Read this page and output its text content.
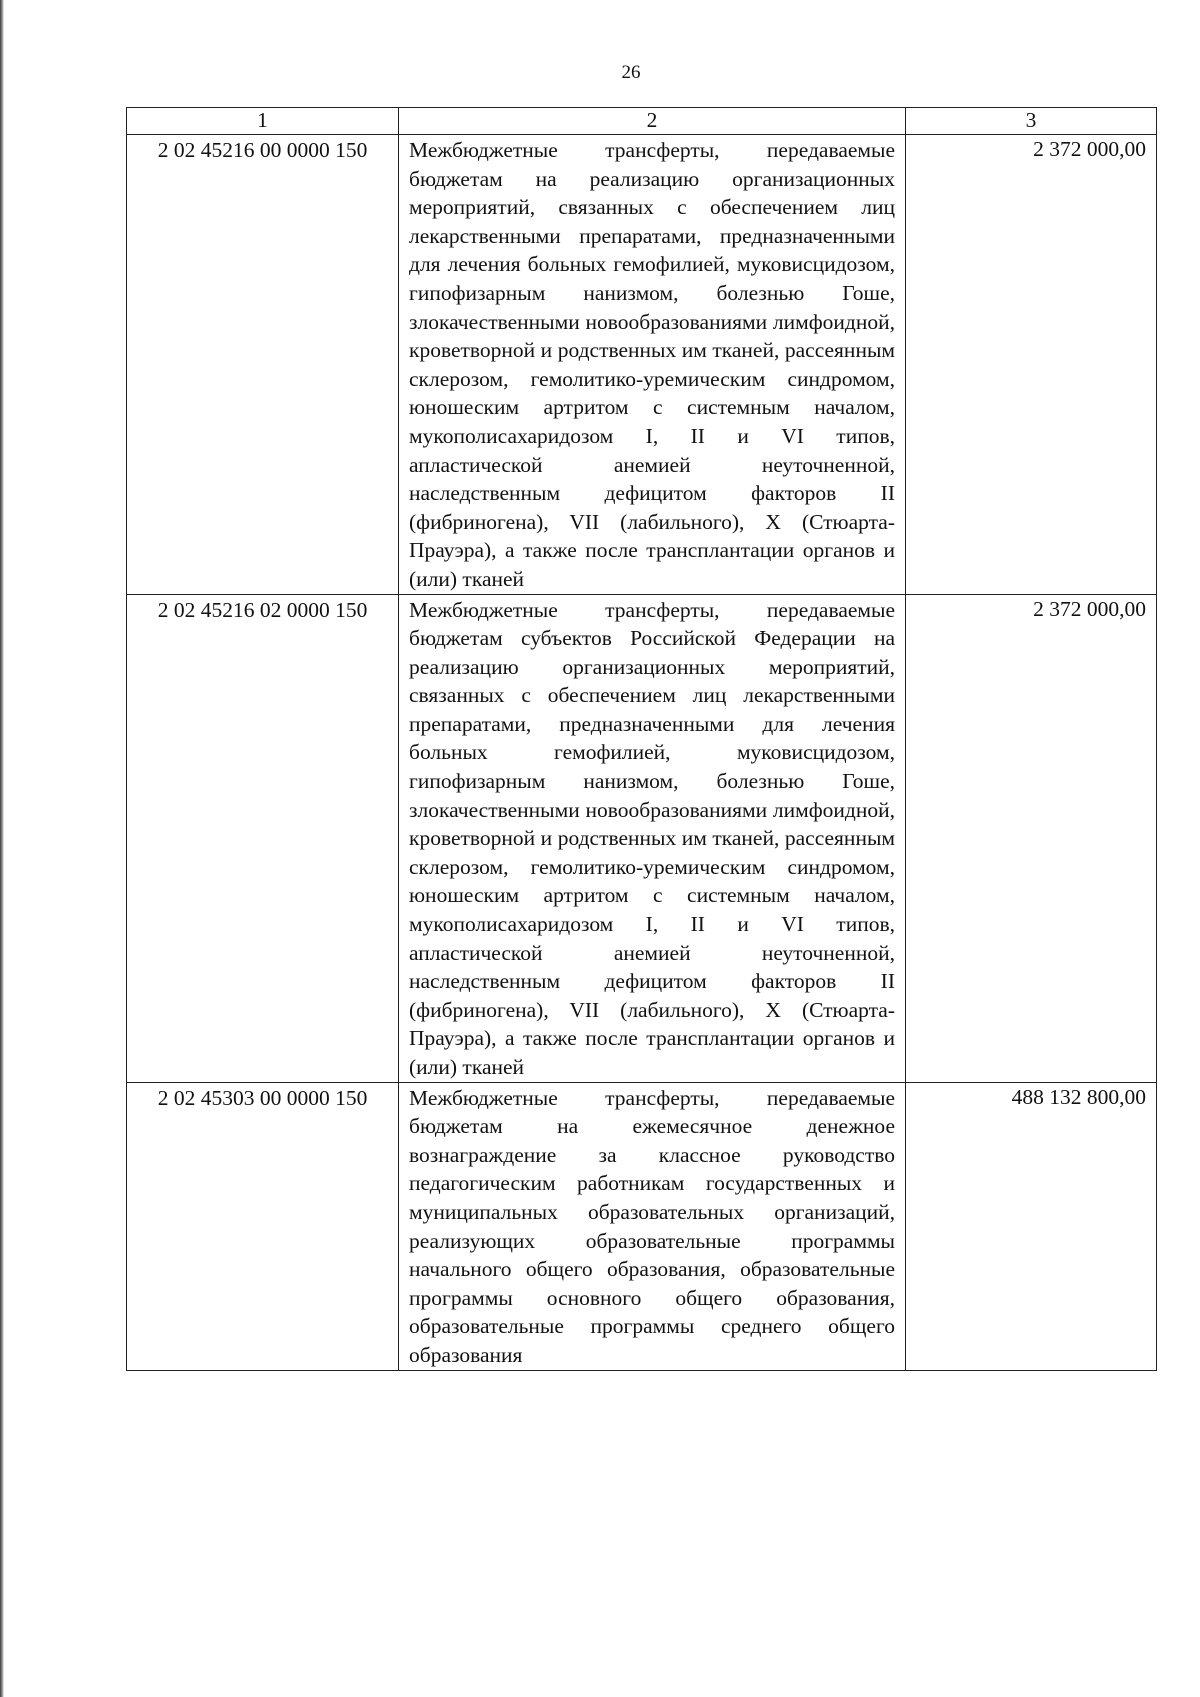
26
1	2	3
2 02 45216 00 0000 150	Межбюджетные трансферты, передаваемые бюджетам на реализацию организационных мероприятий, связанных с обеспечением лиц лекарственными препаратами, предназначенными для лечения больных гемофилией, муковисцидозом, гипофизарным нанизмом, болезнью Гоше, злокачественными новообразованиями лимфоидной, кроветворной и родственных им тканей, рассеянным склерозом, гемолитико-уремическим синдромом, юношеским артритом с системным началом, мукополисахаридозом I, II и VI типов, апластической анемией неуточненной, наследственным дефицитом факторов II (фибриногена), VII (лабильного), X (Стюарта-Прауэра), а также после трансплантации органов и (или) тканей	2 372 000,00
2 02 45216 02 0000 150	Межбюджетные трансферты, передаваемые бюджетам субъектов Российской Федерации на реализацию организационных мероприятий, связанных с обеспечением лиц лекарственными препаратами, предназначенными для лечения больных гемофилией, муковисцидозом, гипофизарным нанизмом, болезнью Гоше, злокачественными новообразованиями лимфоидной, кроветворной и родственных им тканей, рассеянным склерозом, гемолитико-уремическим синдромом, юношеским артритом с системным началом, мукополисахаридозом I, II и VI типов, апластической анемией неуточненной, наследственным дефицитом факторов II (фибриногена), VII (лабильного), X (Стюарта-Прауэра), а также после трансплантации органов и (или) тканей	2 372 000,00
2 02 45303 00 0000 150	Межбюджетные трансферты, передаваемые бюджетам на ежемесячное денежное вознаграждение за классное руководство педагогическим работникам государственных и муниципальных образовательных организаций, реализующих образовательные программы начального общего образования, образовательные программы основного общего образования, образовательные программы среднего общего образования	488 132 800,00
